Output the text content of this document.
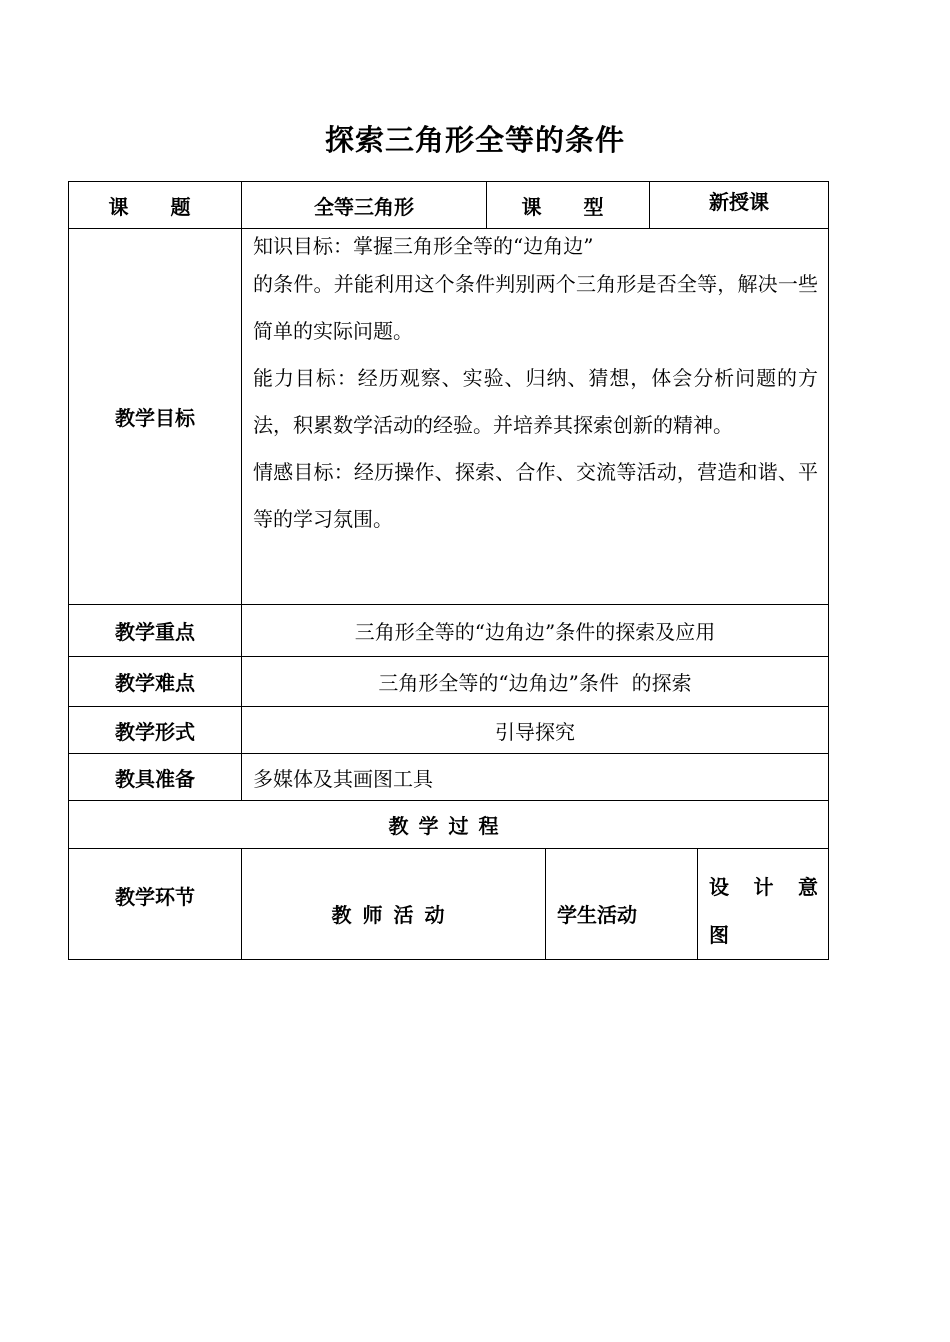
探索三角形全等的条件
课　题	全等三角形	课　型		新授课	
教学目标	知识目标：掌握三角形全等的“边角边”

的条件。并能利用这个条件判别两个三角形是否全等，解决一些简单的实际问题。

能力目标：经历观察、实验、归纳、猜想，体会分析问题的方法，积累数学活动的经验。并培养其探索创新的精神。

情感目标：经历操作、探索、合作、交流等活动，营造和谐、平等的学习氛围。				

教学重点	三角形全等的“边角边”条件的探索及应用				
教学难点	三角形全等的“边角边”条件  的探索				
教学形式	引导探究				
教具准备	多媒体及其画图工具				
教学过程					
教学环节	教师活动		学生活动		设 计 意
图
